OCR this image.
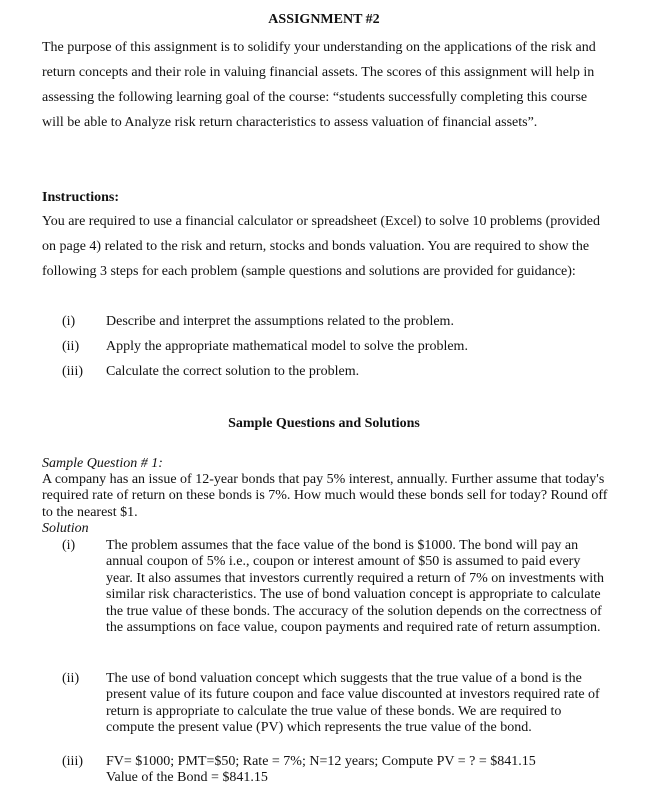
ASSIGNMENT #2
The purpose of this assignment is to solidify your understanding on the applications of the risk and return concepts and their role in valuing financial assets. The scores of this assignment will help in assessing the following learning goal of the course: “students successfully completing this course will be able to Analyze risk return characteristics to assess valuation of financial assets”.
Instructions:
You are required to use a financial calculator or spreadsheet (Excel) to solve 10 problems (provided on page 4) related to the risk and return, stocks and bonds valuation. You are required to show the following 3 steps for each problem (sample questions and solutions are provided for guidance):
(i)	Describe and interpret the assumptions related to the problem.
(ii)	Apply the appropriate mathematical model to solve the problem.
(iii)	Calculate the correct solution to the problem.
Sample Questions and Solutions
Sample Question # 1:
A company has an issue of 12-year bonds that pay 5% interest, annually. Further assume that today's required rate of return on these bonds is 7%. How much would these bonds sell for today? Round off to the nearest $1.
Solution
(i)	The problem assumes that the face value of the bond is $1000. The bond will pay an annual coupon of 5% i.e., coupon or interest amount of $50 is assumed to paid every year. It also assumes that investors currently required a return of 7% on investments with similar risk characteristics. The use of bond valuation concept is appropriate to calculate the true value of these bonds. The accuracy of the solution depends on the correctness of the assumptions on face value, coupon payments and required rate of return assumption.
(ii)	The use of bond valuation concept which suggests that the true value of a bond is the present value of its future coupon and face value discounted at investors required rate of return is appropriate to calculate the true value of these bonds. We are required to compute the present value (PV) which represents the true value of the bond.
(iii)	FV= $1000; PMT=$50; Rate = 7%; N=12 years; Compute PV = ? = $841.15
Value of the Bond = $841.15
